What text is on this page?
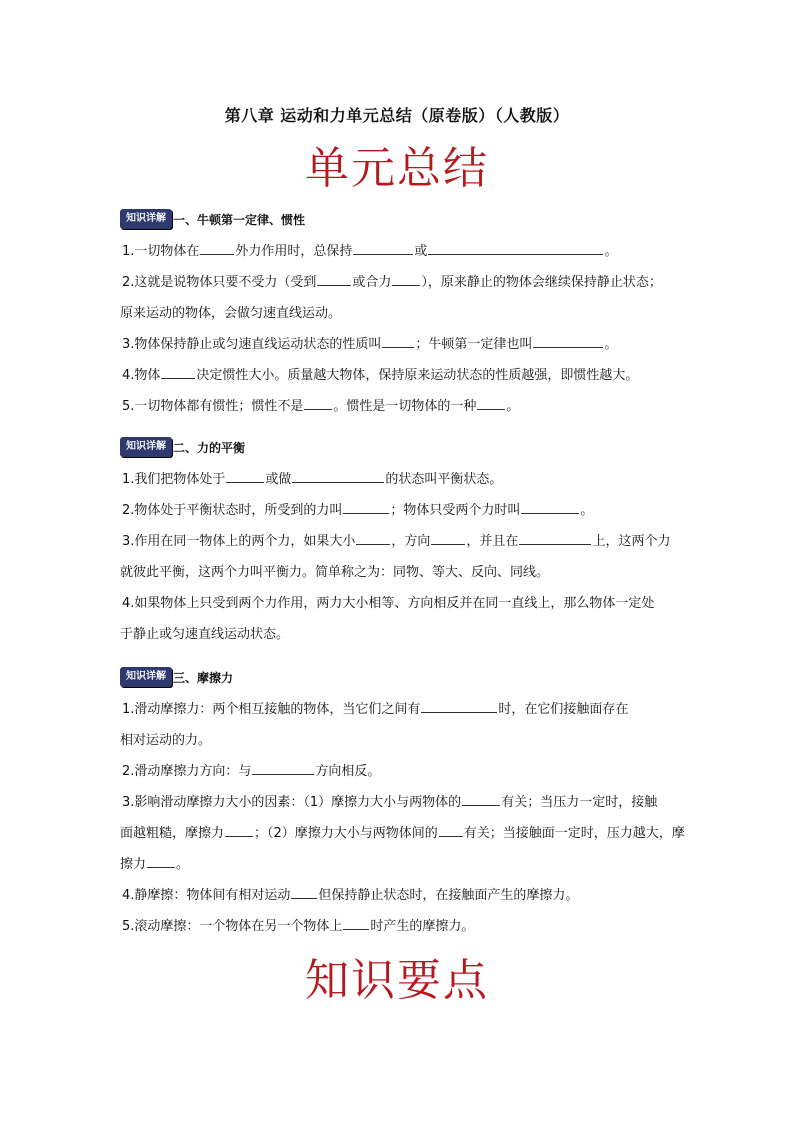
第八章 运动和力单元总结（原卷版）（人教版）
单元总结
知识详解 一、牛顿第一定律、惯性
1.一切物体在	外力作用时，总保持	或	。
2.这就是说物体只要不受力（受到	或合力 ），原来静止的物体会继续保持静止状态；
原来运动的物体，会做匀速直线运动。
3.物体保持静止或匀速直线运动状态的性质叫	；牛顿第一定律也叫	。
4.物体	决定惯性大小。质量越大物体，保持原来运动状态的性质越强，即惯性越大。
5.一切物体都有惯性；惯性不是 。惯性是一切物体的一种 。
知识详解 二、力的平衡
1.我们把物体处于	或做	的状态叫平衡状态。
2.物体处于平衡状态时，所受到的力叫	；物体只受两个力时叫	。
3.作用在同一物体上的两个力，如果大小	，方向	，并且在	上，这两个力
就彼此平衡，这两个力叫平衡力。简单称之为：同物、等大、反向、同线。
4.如果物体上只受到两个力作用，两力大小相等、方向相反并在同一直线上，那么物体一定处
于静止或匀速直线运动状态。
知识详解 三、摩擦力
1.滑动摩擦力：两个相互接触的物体，当它们之间有	时，在它们接触面存在
相对运动的力。
2.滑动摩擦力方向：与	方向相反。
3.影响滑动摩擦力大小的因素：（1）摩擦力大小与两物体的	有关；当压力一定时，接触
面越粗糙，摩擦力 ；（2）摩擦力大小与两物体间的 有关；当接触面一定时，压力越大，摩
擦力 。
4.静摩擦：物体间有相对运动 但保持静止状态时，在接触面产生的摩擦力。
5.滚动摩擦：一个物体在另一个物体上 时产生的摩擦力。
知识要点
